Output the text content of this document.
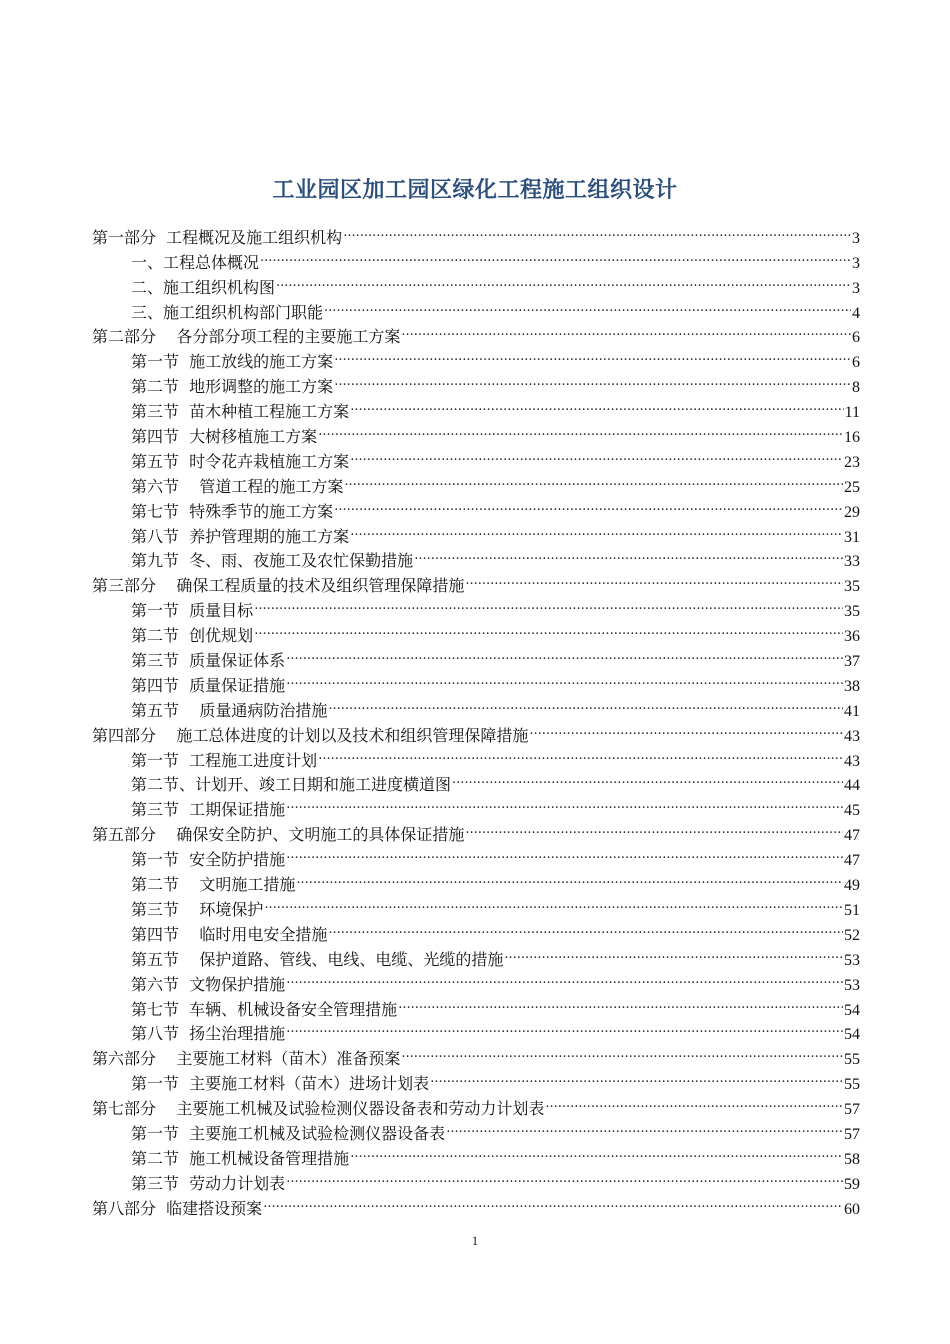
工业园区加工园区绿化工程施工组织设计
第一部分  工程概况及施工组织机构 .....	3
一、工程总体概况 .....	3
二、施工组织机构图 .....	3
三、施工组织机构部门职能 .....	4
第二部分    各分部分项工程的主要施工方案 .....	6
第一节  施工放线的施工方案 .....	6
第二节  地形调整的施工方案 .....	8
第三节  苗木种植工程施工方案 .....	11
第四节  大树移植施工方案 .....	16
第五节  时令花卉栽植施工方案 .....	23
第六节    管道工程的施工方案 .....	25
第七节  特殊季节的施工方案 .....	29
第八节  养护管理期的施工方案 .....	31
第九节  冬、雨、夜施工及农忙保勤措施 .....	33
第三部分    确保工程质量的技术及组织管理保障措施 .....	35
第一节  质量目标 .....	35
第二节  创优规划 .....	36
第三节  质量保证体系 .....	37
第四节  质量保证措施 .....	38
第五节    质量通病防治措施 .....	41
第四部分    施工总体进度的计划以及技术和组织管理保障措施 .....	43
第一节  工程施工进度计划 .....	43
第二节、计划开、竣工日期和施工进度横道图 .....	44
第三节  工期保证措施 .....	45
第五部分    确保安全防护、文明施工的具体保证措施 .....	47
第一节  安全防护措施 .....	47
第二节    文明施工措施 .....	49
第三节    环境保护 .....	51
第四节    临时用电安全措施 .....	52
第五节    保护道路、管线、电线、电缆、光缆的措施 .....	53
第六节  文物保护措施 .....	53
第七节  车辆、机械设备安全管理措施 .....	54
第八节  扬尘治理措施 .....	54
第六部分    主要施工材料（苗木）准备预案 .....	55
第一节  主要施工材料（苗木）进场计划表 .....	55
第七部分    主要施工机械及试验检测仪器设备表和劳动力计划表 .....	57
第一节  主要施工机械及试验检测仪器设备表 .....	57
第二节  施工机械设备管理措施 .....	58
第三节  劳动力计划表 .....	59
第八部分  临建搭设预案 .....	60
1
